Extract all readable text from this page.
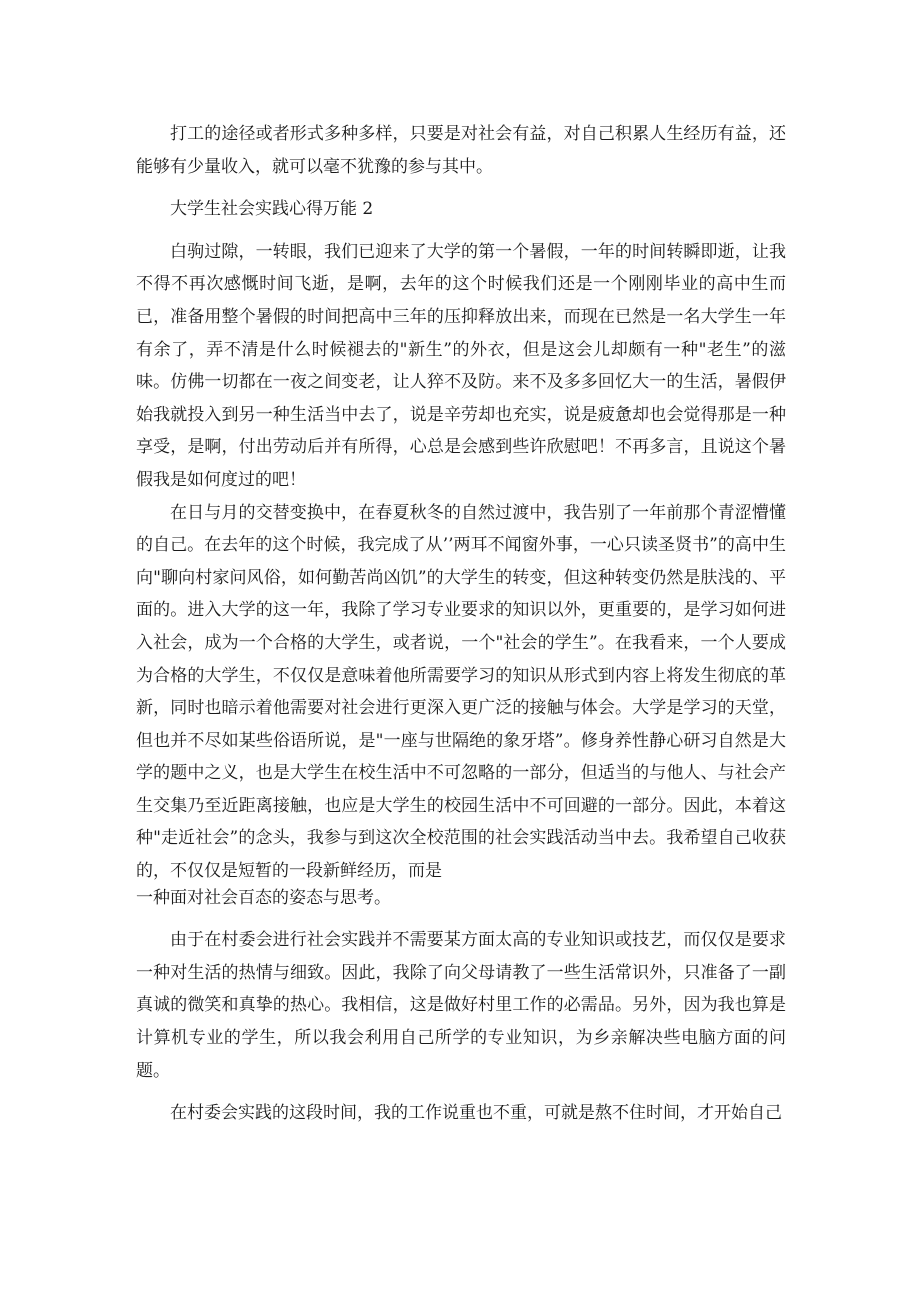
打工的途径或者形式多种多样，只要是对社会有益，对自己积累人生经历有益，还能够有少量收入，就可以毫不犹豫的参与其中。

大学生社会实践心得万能 2

白驹过隙，一转眼，我们已迎来了大学的第一个暑假，一年的时间转瞬即逝，让我不得不再次感慨时间飞逝，是啊，去年的这个时候我们还是一个刚刚毕业的高中生而已，准备用整个暑假的时间把高中三年的压抑释放出来，而现在已然是一名大学生一年有余了，弄不清是什么时候褪去的"新生”的外衣，但是这会儿却颇有一种"老生”的滋味。仿佛一切都在一夜之间变老，让人猝不及防。来不及多多回忆大一的生活，暑假伊始我就投入到另一种生活当中去了，说是辛劳却也充实，说是疲惫却也会觉得那是一种享受，是啊，付出劳动后并有所得，心总是会感到些许欣慰吧！不再多言，且说这个暑假我是如何度过的吧！

在日与月的交替变换中，在春夏秋冬的自然过渡中，我告别了一年前那个青涩懵懂的自己。在去年的这个时候，我完成了从’’两耳不闻窗外事，一心只读圣贤书”的高中生向"聊向村家问风俗，如何勤苦尚凶饥”的大学生的转变，但这种转变仍然是肤浅的、平面的。进入大学的这一年，我除了学习专业要求的知识以外，更重要的，是学习如何进入社会，成为一个合格的大学生，或者说，一个"社会的学生”。在我看来，一个人要成为合格的大学生，不仅仅是意味着他所需要学习的知识从形式到内容上将发生彻底的革新，同时也暗示着他需要对社会进行更深入更广泛的接触与体会。大学是学习的天堂，但也并不尽如某些俗语所说，是"一座与世隔绝的象牙塔”。修身养性静心研习自然是大学的题中之义，也是大学生在校生活中不可忽略的一部分，但适当的与他人、与社会产生交集乃至近距离接触，也应是大学生的校园生活中不可回避的一部分。因此，本着这种"走近社会”的念头，我参与到这次全校范围的社会实践活动当中去。我希望自己收获的，不仅仅是短暂的一段新鲜经历，而是

一种面对社会百态的姿态与思考。

由于在村委会进行社会实践并不需要某方面太高的专业知识或技艺，而仅仅是要求一种对生活的热情与细致。因此，我除了向父母请教了一些生活常识外，只准备了一副真诚的微笑和真挚的热心。我相信，这是做好村里工作的必需品。另外，因为我也算是计算机专业的学生，所以我会利用自己所学的专业知识，为乡亲解决些电脑方面的问题。

在村委会实践的这段时间，我的工作说重也不重，可就是熬不住时间，才开始自己
